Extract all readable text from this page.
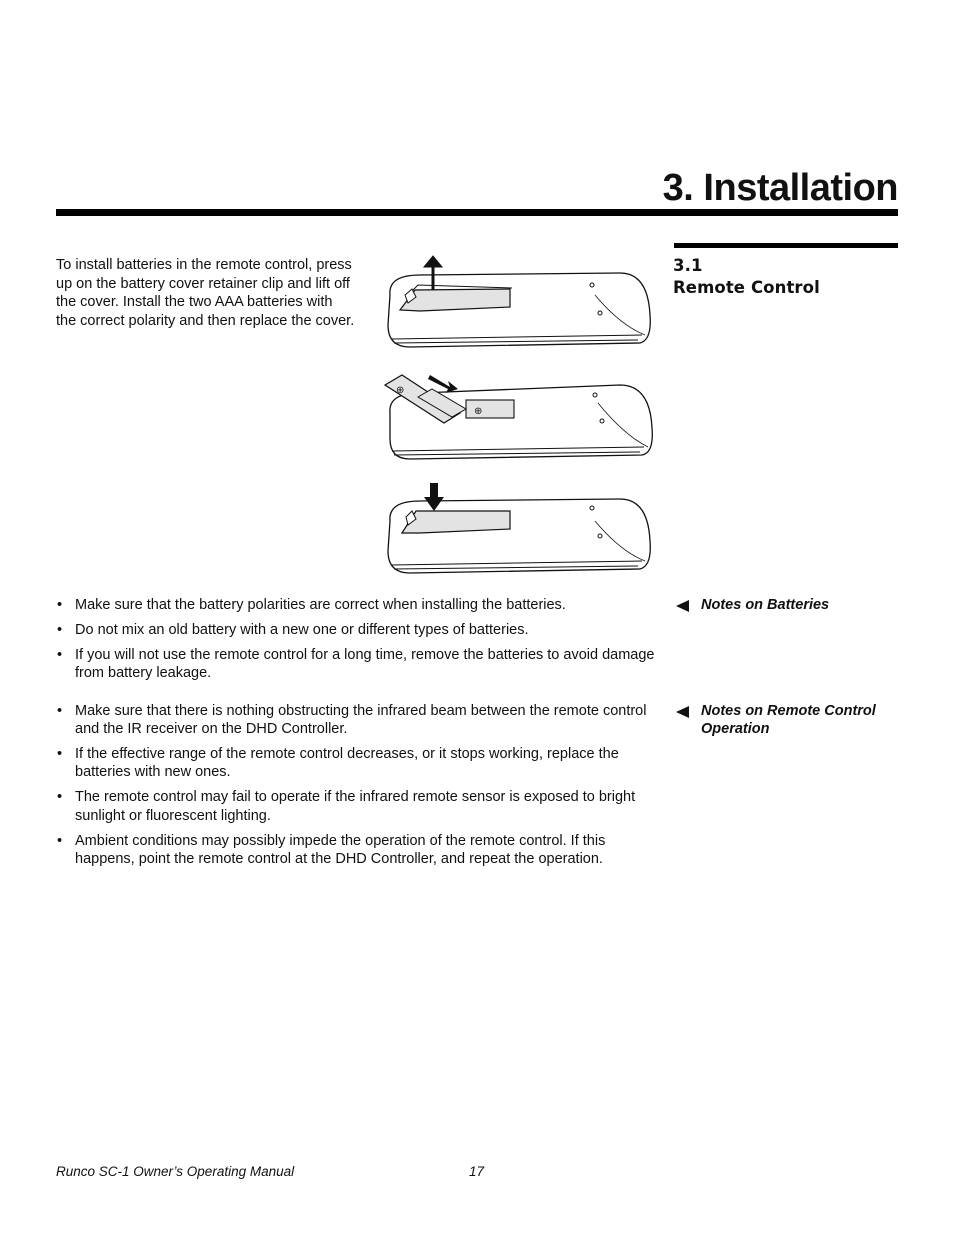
3. Installation
3.1
Remote Control

To install batteries in the remote control, press up on the battery cover retainer clip and lift off the cover. Install the two AAA batteries with the correct polarity and then replace the cover.

⊕
⊕
Notes on Batteries
• Make sure that the battery polarities are correct when installing the batteries.
• Do not mix an old battery with a new one or different types of batteries.
• If you will not use the remote control for a long time, remove the batteries to avoid damage from battery leakage.
Notes on Remote Control Operation
• Make sure that there is nothing obstructing the infrared beam between the remote control and the IR receiver on the DHD Controller.
• If the effective range of the remote control decreases, or it stops working, replace the batteries with new ones.
• The remote control may fail to operate if the infrared remote sensor is exposed to bright sunlight or fluorescent lighting.
• Ambient conditions may possibly impede the operation of the remote control. If this happens, point the remote control at the DHD Controller, and repeat the operation.
Runco SC-1 Owner’s Operating Manual	17
